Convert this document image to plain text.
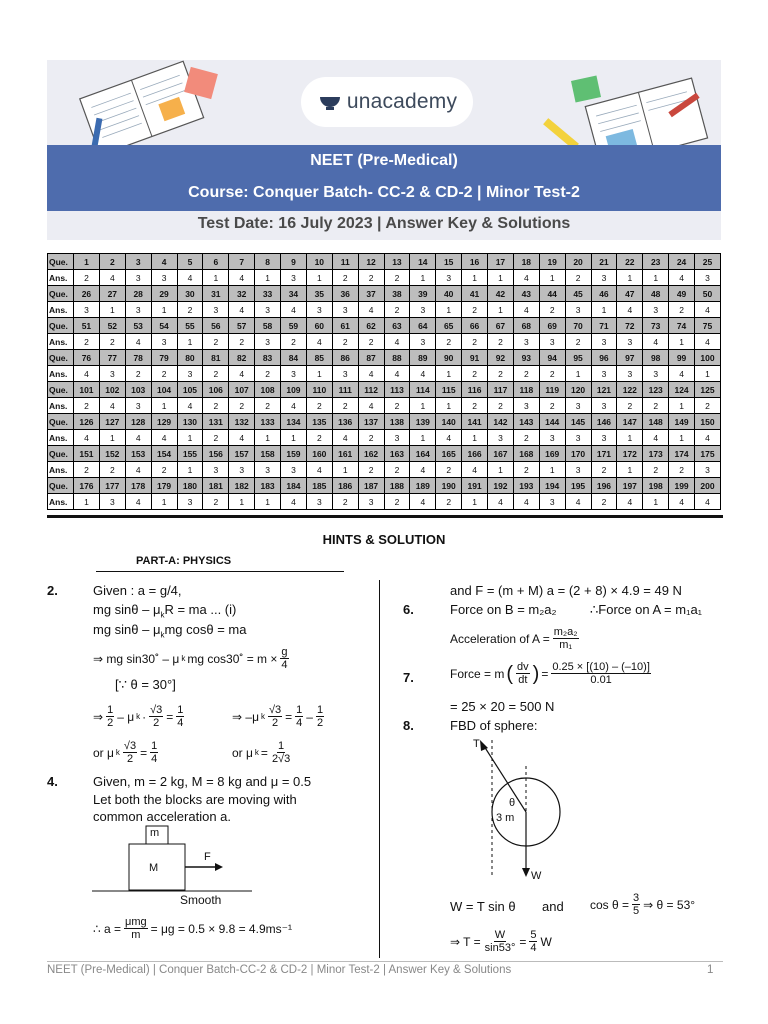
unacademy
NEET (Pre-Medical)
Course: Conquer Batch- CC-2 & CD-2 | Minor Test-2
Test Date: 16 July 2023 | Answer Key & Solutions
Que.	1	2	3	4	5	6	7	8	9	10	11	12	13	14	15	16	17	18	19	20	21	22	23	24	25
Ans.	2	4	3	3	4	1	4	1	3	1	2	2	2	1	3	1	1	4	1	2	3	1	1	4	3
Que.	26	27	28	29	30	31	32	33	34	35	36	37	38	39	40	41	42	43	44	45	46	47	48	49	50
Ans.	3	1	3	1	2	3	4	3	4	3	3	4	2	3	1	2	1	4	2	3	1	4	3	2	4
Que.	51	52	53	54	55	56	57	58	59	60	61	62	63	64	65	66	67	68	69	70	71	72	73	74	75
Ans.	2	2	4	3	1	2	2	3	2	4	2	2	4	3	2	2	2	3	3	2	3	3	4	1	4
Que.	76	77	78	79	80	81	82	83	84	85	86	87	88	89	90	91	92	93	94	95	96	97	98	99	100
Ans.	4	3	2	2	3	2	4	2	3	1	3	4	4	4	1	2	2	2	2	1	3	3	3	4	1
Que.	101	102	103	104	105	106	107	108	109	110	111	112	113	114	115	116	117	118	119	120	121	122	123	124	125
Ans.	2	4	3	1	4	2	2	2	4	2	2	4	2	1	1	2	2	3	2	3	3	2	2	1	2
Que.	126	127	128	129	130	131	132	133	134	135	136	137	138	139	140	141	142	143	144	145	146	147	148	149	150
Ans.	4	1	4	4	1	2	4	1	1	2	4	2	3	1	4	1	3	2	3	3	3	1	4	1	4
Que.	151	152	153	154	155	156	157	158	159	160	161	162	163	164	165	166	167	168	169	170	171	172	173	174	175
Ans.	2	2	4	2	1	3	3	3	3	4	1	2	2	4	2	4	1	2	1	3	2	1	2	2	3
Que.	176	177	178	179	180	181	182	183	184	185	186	187	188	189	190	191	192	193	194	195	196	197	198	199	200
Ans.	1	3	4	1	3	2	1	1	4	3	2	3	2	4	2	1	4	4	3	4	2	4	1	4	4
HINTS & SOLUTION
PART-A: PHYSICS
2.	Given : a = g/4,
mg sinθ – $\mu_kR$ = ma ... (i)
mg sinθ – $\mu_kmg$ cosθ = ma
⇒ mg sin30˚ – μ k mg cos30˚ = $m \times \frac{g}{4}$
[∵ θ = 30°]
⇒ $\frac{1}{2}$ – μ $k \cdot \frac{√3}{2} = \frac{1}{4}$	⇒ –μ k $\frac{√3}{2} = \frac{1}{4} - \frac{1}{2}$
or μ k $\frac{√3}{2} = \frac{1}{4}$	or μ $k = \frac{1}{2√3}$
4.	Given, m = 2 kg, M = 8 kg and μ = 0.5
Let both the blocks are moving with
common acceleration a.
m
M
F
Smooth
∴ $a = \frac{\text{μmg}}{m} = \mu g = 0.5 \times 9.8 = 4.9ms^{-1}$
and F = (m + M) a = (2 + 8) × 4.9 = 49 N
6.	Force on B = m₂a₂	∴Force on A = m₁a₁
Acceleration of $A = \frac{\text{m₂a₂}}{\text{m₁}}$
7.	Force = m ( $\frac{dv}{dt}$ ) = $\frac{0.25 \times [(10) - (-10)]}{0.01}$
= 25 × 20 = 500 N
8.	FBD of sphere:
T
θ
3 m
W
W = T sin θ and $\cos \theta = \frac{3}{5}$ ⇒ θ = 53°
⇒ $T = \frac{W}{\sin 53^\circ} = \frac{5}{4}$ W
NEET (Pre-Medical) | Conquer Batch-CC-2 & CD-2 | Minor Test-2 | Answer Key & Solutions	1
